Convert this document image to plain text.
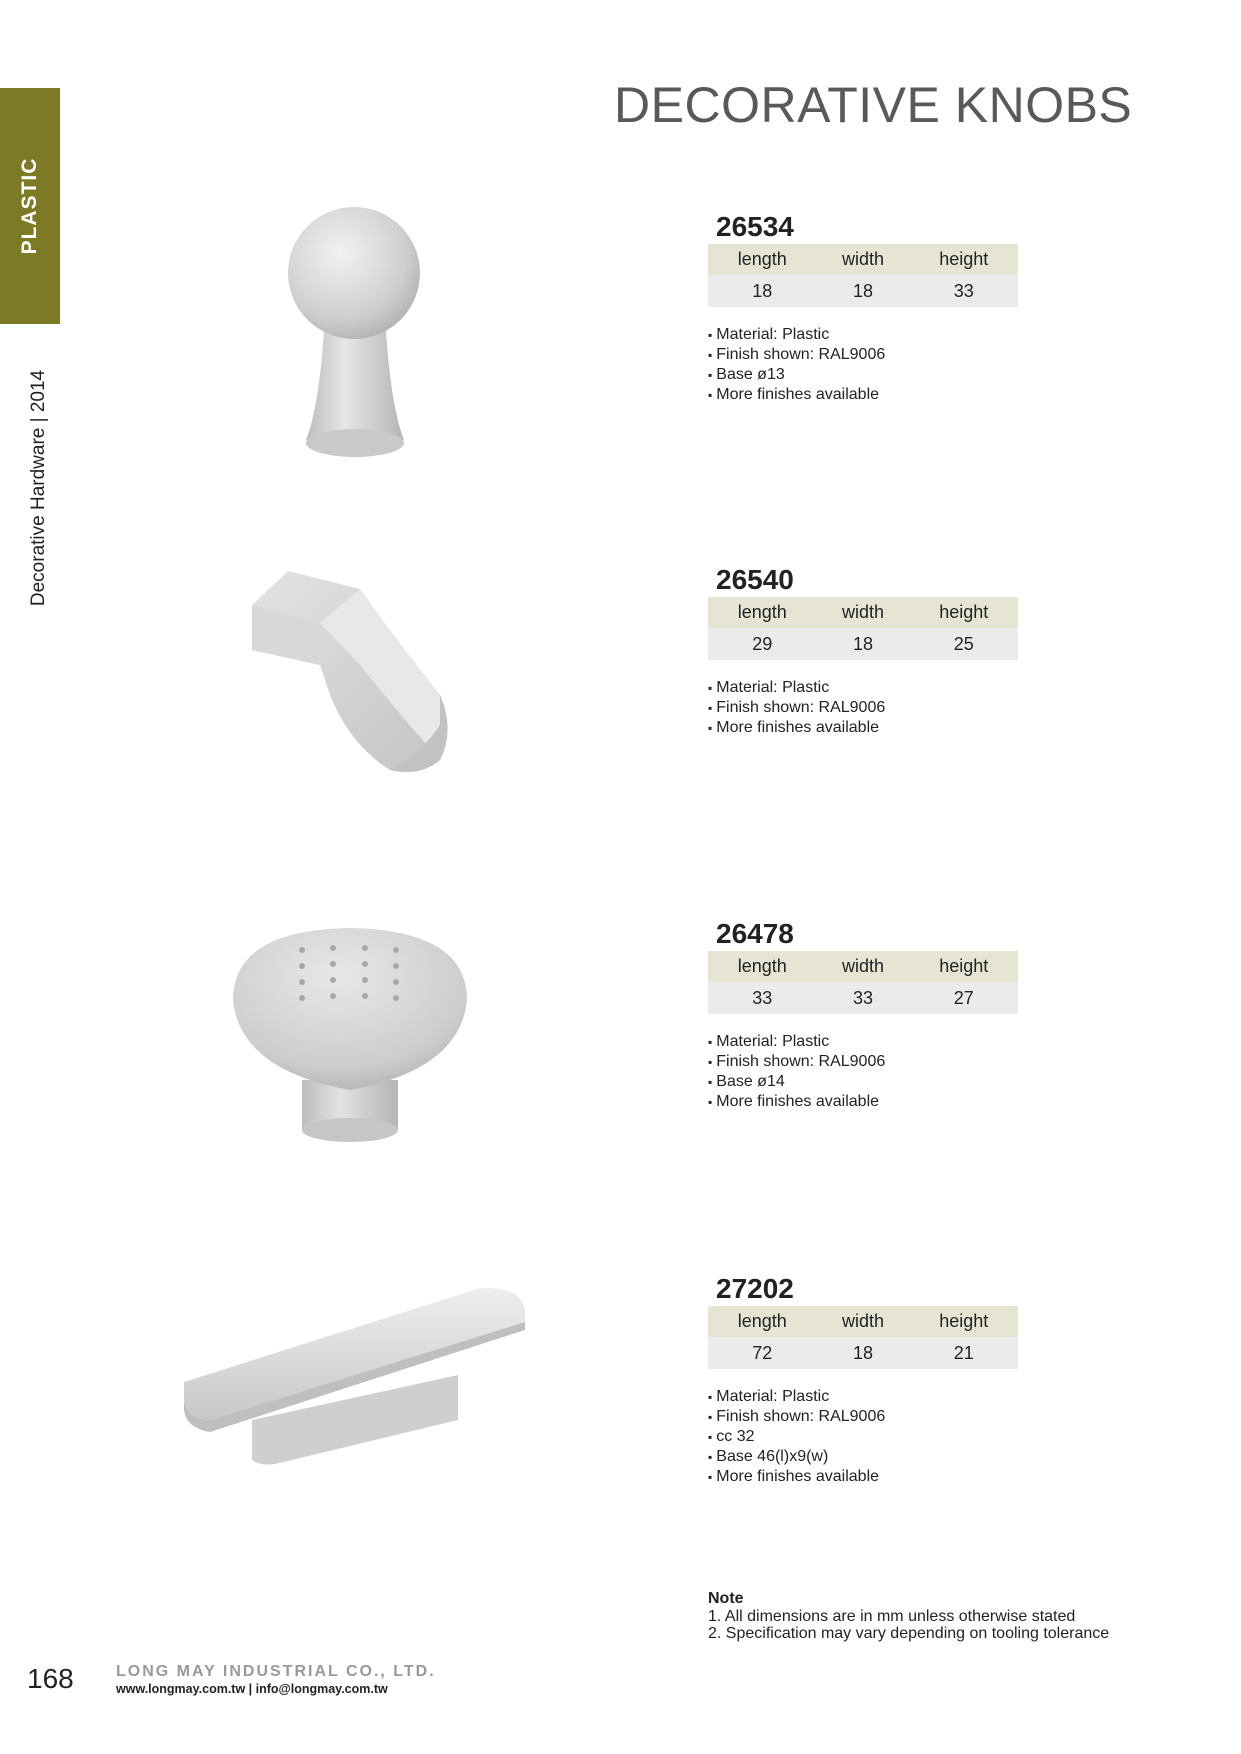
PLASTIC
Decorative Hardware | 2014
DECORATIVE KNOBS
26534
length	width	height
18	18	33
▪ Material: Plastic
▪ Finish shown: RAL9006
▪ Base ø13
▪ More finishes available
26540
length	width	height
29	18	25
▪ Material: Plastic
▪ Finish shown: RAL9006
▪ More finishes available
26478
length	width	height
33	33	27
▪ Material: Plastic
▪ Finish shown: RAL9006
▪ Base ø14
▪ More finishes available
27202
length	width	height
72	18	21
▪ Material: Plastic
▪ Finish shown: RAL9006
▪ cc 32
▪ Base 46(l)x9(w)
▪ More finishes available
Note
1. All dimensions are in mm unless otherwise stated
2. Specification may vary depending on tooling tolerance
168	LONG MAY INDUSTRIAL CO., LTD.
www.longmay.com.tw | info@longmay.com.tw
